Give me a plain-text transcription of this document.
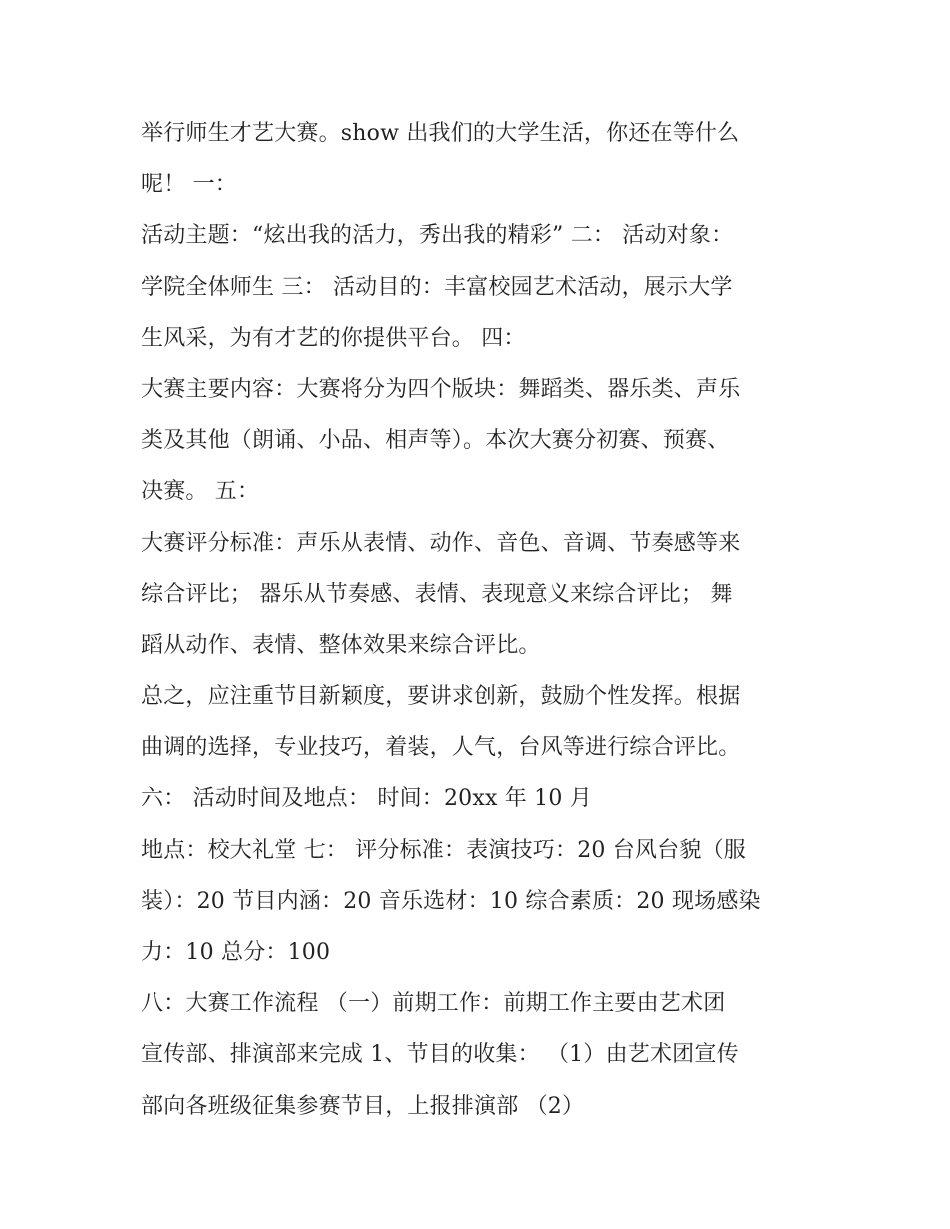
举行师生才艺大赛。show 出我们的大学生活，你还在等什么
呢！ 一：
活动主题：“炫出我的活力，秀出我的精彩” 二： 活动对象：
学院全体师生 三： 活动目的：丰富校园艺术活动，展示大学
生风采，为有才艺的你提供平台。 四：
大赛主要内容：大赛将分为四个版块：舞蹈类、器乐类、声乐
类及其他（朗诵、小品、相声等）。本次大赛分初赛、预赛、
决赛。 五：
大赛评分标准：声乐从表情、动作、音色、音调、节奏感等来
综合评比； 器乐从节奏感、表情、表现意义来综合评比； 舞
蹈从动作、表情、整体效果来综合评比。
总之，应注重节目新颖度，要讲求创新，鼓励个性发挥。根据
曲调的选择，专业技巧，着装，人气，台风等进行综合评比。
六： 活动时间及地点： 时间：20xx 年 10 月
地点：校大礼堂 七： 评分标准：表演技巧：20 台风台貌（服
装）：20 节目内涵：20 音乐选材：10 综合素质：20 现场感染
力：10 总分：100
八：大赛工作流程 （一）前期工作：前期工作主要由艺术团
宣传部、排演部来完成 1、节目的收集： （1）由艺术团宣传
部向各班级征集参赛节目，上报排演部 （2）
